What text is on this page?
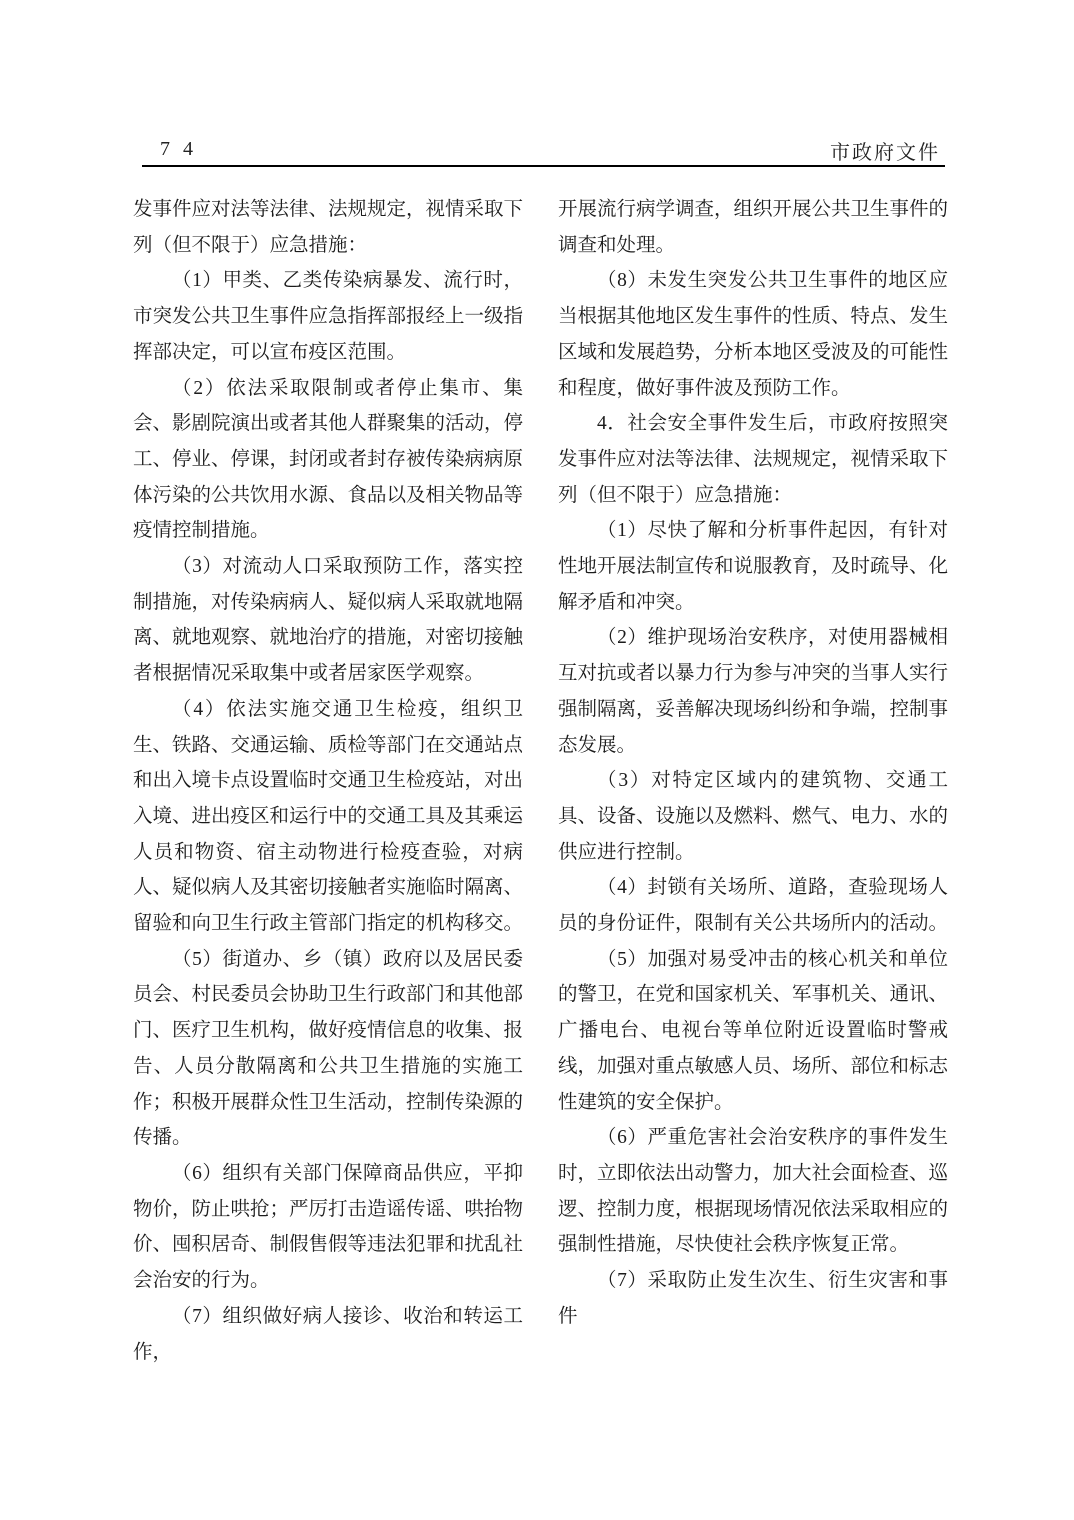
7 4	市政府文件

发事件应对法等法律、法规规定，视情采取下列（但不限于）应急措施：

（1）甲类、乙类传染病暴发、流行时，市突发公共卫生事件应急指挥部报经上一级指挥部决定，可以宣布疫区范围。

（2）依法采取限制或者停止集市、集会、影剧院演出或者其他人群聚集的活动，停工、停业、停课，封闭或者封存被传染病病原体污染的公共饮用水源、食品以及相关物品等疫情控制措施。

（3）对流动人口采取预防工作，落实控制措施，对传染病病人、疑似病人采取就地隔离、就地观察、就地治疗的措施，对密切接触者根据情况采取集中或者居家医学观察。

（4）依法实施交通卫生检疫，组织卫生、铁路、交通运输、质检等部门在交通站点和出入境卡点设置临时交通卫生检疫站，对出入境、进出疫区和运行中的交通工具及其乘运人员和物资、宿主动物进行检疫查验，对病人、疑似病人及其密切接触者实施临时隔离、留验和向卫生行政主管部门指定的机构移交。

（5）街道办、乡（镇）政府以及居民委员会、村民委员会协助卫生行政部门和其他部门、医疗卫生机构，做好疫情信息的收集、报告、人员分散隔离和公共卫生措施的实施工作；积极开展群众性卫生活动，控制传染源的传播。

（6）组织有关部门保障商品供应，平抑物价，防止哄抢；严厉打击造谣传谣、哄抬物价、囤积居奇、制假售假等违法犯罪和扰乱社会治安的行为。

（7）组织做好病人接诊、收治和转运工作，

开展流行病学调查，组织开展公共卫生事件的调查和处理。

（8）未发生突发公共卫生事件的地区应当根据其他地区发生事件的性质、特点、发生区域和发展趋势，分析本地区受波及的可能性和程度，做好事件波及预防工作。

4．社会安全事件发生后，市政府按照突发事件应对法等法律、法规规定，视情采取下列（但不限于）应急措施：

（1）尽快了解和分析事件起因，有针对性地开展法制宣传和说服教育，及时疏导、化解矛盾和冲突。

（2）维护现场治安秩序，对使用器械相互对抗或者以暴力行为参与冲突的当事人实行强制隔离，妥善解决现场纠纷和争端，控制事态发展。

（3）对特定区域内的建筑物、交通工具、设备、设施以及燃料、燃气、电力、水的供应进行控制。

（4）封锁有关场所、道路，查验现场人员的身份证件，限制有关公共场所内的活动。

（5）加强对易受冲击的核心机关和单位的警卫，在党和国家机关、军事机关、通讯、广播电台、电视台等单位附近设置临时警戒线，加强对重点敏感人员、场所、部位和标志性建筑的安全保护。

（6）严重危害社会治安秩序的事件发生时，立即依法出动警力，加大社会面检查、巡逻、控制力度，根据现场情况依法采取相应的强制性措施，尽快使社会秩序恢复正常。

（7）采取防止发生次生、衍生灾害和事件
